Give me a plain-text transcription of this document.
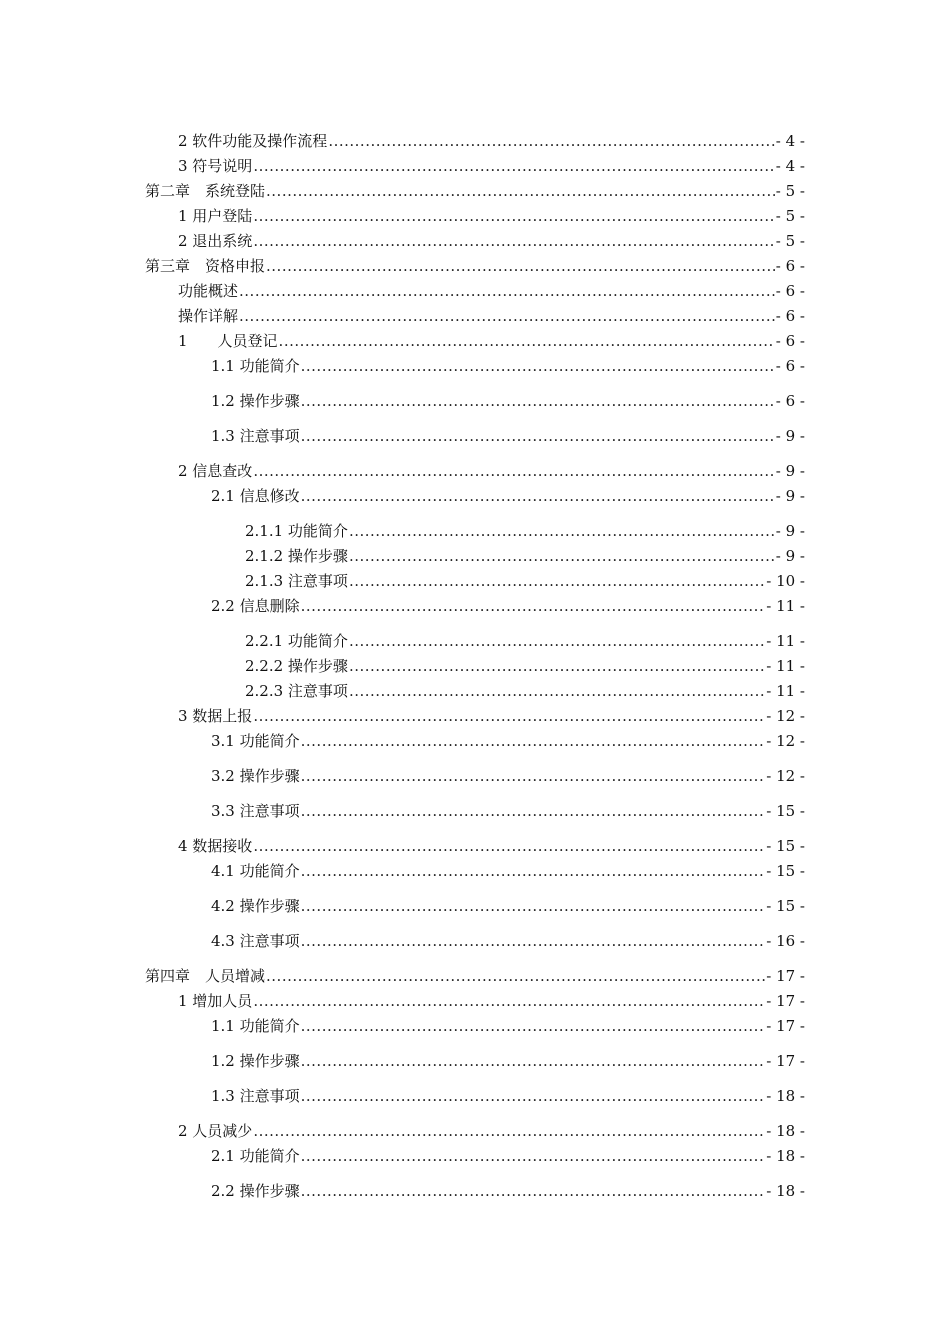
2 软件功能及操作流程 .....	- 4 -
3 符号说明 .....	- 4 -
第二章　系统登陆 .....	- 5 -
1 用户登陆 .....	- 5 -
2 退出系统 .....	- 5 -
第三章　资格申报 .....	- 6 -
功能概述 .....	- 6 -
操作详解 .....	- 6 -
1　　人员登记 .....	- 6 -
1.1 功能简介 .....	- 6 -
1.2 操作步骤 .....	- 6 -
1.3 注意事项 .....	- 9 -
2 信息查改 .....	- 9 -
2.1 信息修改 .....	- 9 -
2.1.1 功能简介 .....	- 9 -
2.1.2 操作步骤 .....	- 9 -
2.1.3 注意事项 .....	- 10 -
2.2 信息删除 .....	- 11 -
2.2.1 功能简介 .....	- 11 -
2.2.2 操作步骤 .....	- 11 -
2.2.3 注意事项 .....	- 11 -
3 数据上报 .....	- 12 -
3.1 功能简介 .....	- 12 -
3.2 操作步骤 .....	- 12 -
3.3 注意事项 .....	- 15 -
4 数据接收 .....	- 15 -
4.1 功能简介 .....	- 15 -
4.2 操作步骤 .....	- 15 -
4.3 注意事项 .....	- 16 -
第四章　人员增减 .....	- 17 -
1 增加人员 .....	- 17 -
1.1 功能简介 .....	- 17 -
1.2 操作步骤 .....	- 17 -
1.3 注意事项 .....	- 18 -
2 人员减少 .....	- 18 -
2.1 功能简介 .....	- 18 -
2.2 操作步骤 .....	- 18 -
